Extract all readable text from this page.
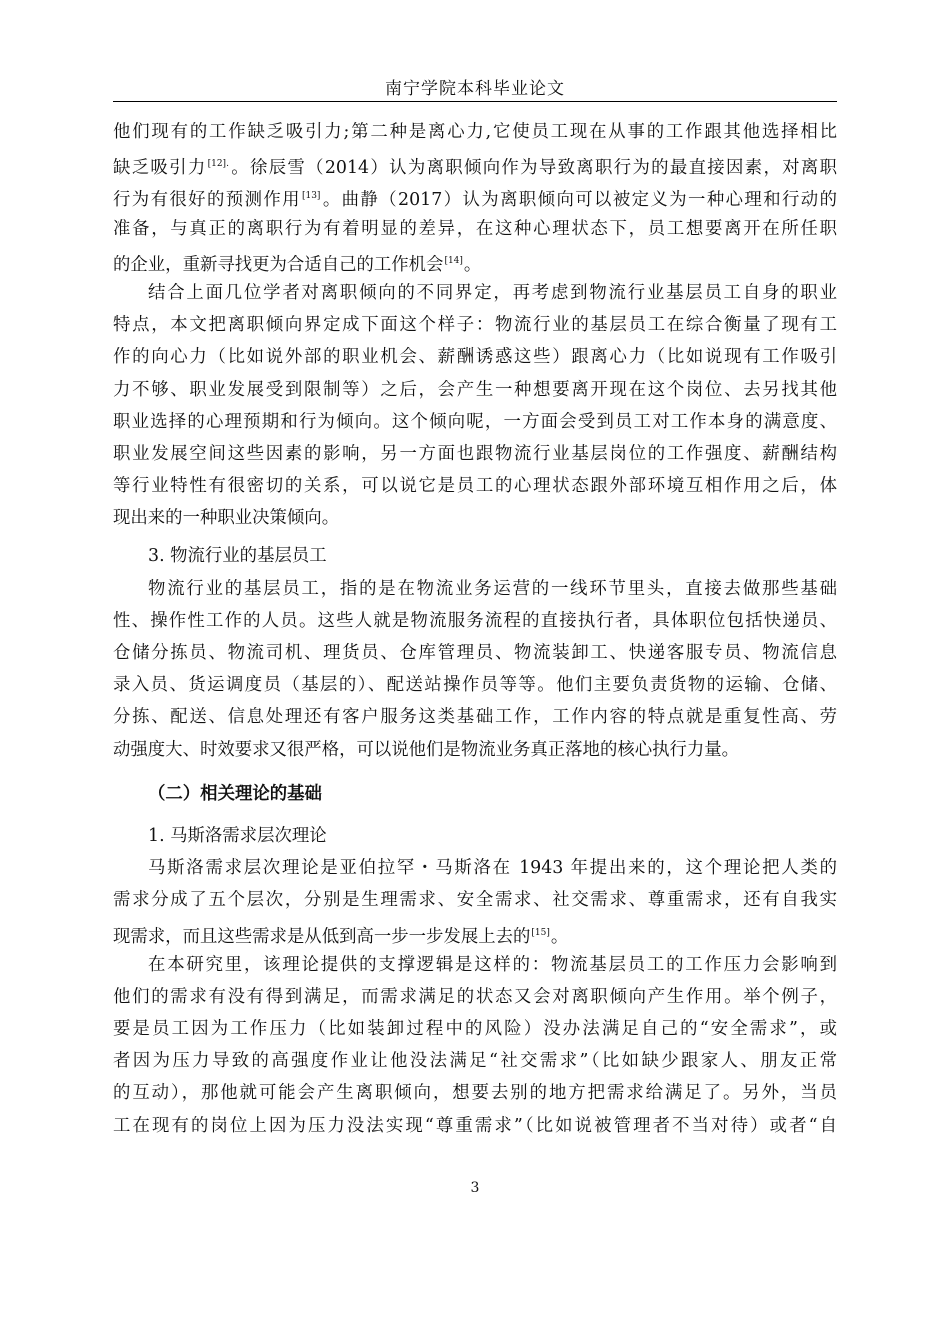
南宁学院本科毕业论文
他们现有的工作缺乏吸引力;第二种是离心力,它使员工现在从事的工作跟其他选择相比
缺乏吸引力$^{[12].}$。徐辰雪（2014）认为离职倾向作为导致离职行为的最直接因素，对离职
行为有很好的预测作用[13]。曲静（2017）认为离职倾向可以被定义为一种心理和行动的
准备，与真正的离职行为有着明显的差异，在这种心理状态下，员工想要离开在所任职
的企业，重新寻找更为合适自己的工作机会[14]。
结合上面几位学者对离职倾向的不同界定，再考虑到物流行业基层员工自身的职业
特点，本文把离职倾向界定成下面这个样子：物流行业的基层员工在综合衡量了现有工
作的向心力（比如说外部的职业机会、薪酬诱惑这些）跟离心力（比如说现有工作吸引
力不够、职业发展受到限制等）之后，会产生一种想要离开现在这个岗位、去另找其他
职业选择的心理预期和行为倾向。这个倾向呢，一方面会受到员工对工作本身的满意度、
职业发展空间这些因素的影响，另一方面也跟物流行业基层岗位的工作强度、薪酬结构
等行业特性有很密切的关系，可以说它是员工的心理状态跟外部环境互相作用之后，体
现出来的一种职业决策倾向。
3. 物流行业的基层员工
物流行业的基层员工，指的是在物流业务运营的一线环节里头，直接去做那些基础
性、操作性工作的人员。这些人就是物流服务流程的直接执行者，具体职位包括快递员、
仓储分拣员、物流司机、理货员、仓库管理员、物流装卸工、快递客服专员、物流信息
录入员、货运调度员（基层的）、配送站操作员等等。他们主要负责货物的运输、仓储、
分拣、配送、信息处理还有客户服务这类基础工作，工作内容的特点就是重复性高、劳
动强度大、时效要求又很严格，可以说他们是物流业务真正落地的核心执行力量。
（二）相关理论的基础
1. 马斯洛需求层次理论
马斯洛需求层次理论是亚伯拉罕・马斯洛在 1943 年提出来的，这个理论把人类的
需求分成了五个层次，分别是生理需求、安全需求、社交需求、尊重需求，还有自我实
现需求，而且这些需求是从低到高一步一步发展上去的[15]。
在本研究里，该理论提供的支撑逻辑是这样的：物流基层员工的工作压力会影响到
他们的需求有没有得到满足，而需求满足的状态又会对离职倾向产生作用。举个例子，
要是员工因为工作压力（比如装卸过程中的风险）没办法满足自己的“安全需求”，或
者因为压力导致的高强度作业让他没法满足“社交需求”（比如缺少跟家人、朋友正常
的互动），那他就可能会产生离职倾向，想要去别的地方把需求给满足了。另外，当员
工在现有的岗位上因为压力没法实现“尊重需求”（比如说被管理者不当对待）或者“自
3
